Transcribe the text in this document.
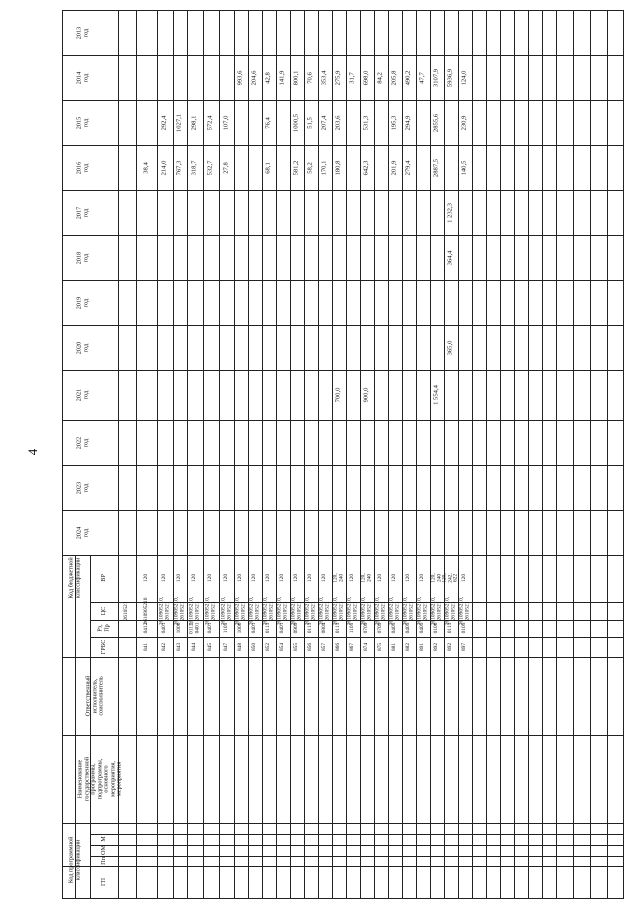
4
2013
год
2014
год
2015
год
2016
год
2017
год
2018
год
2019
год
2020
год
2021
год
2022
год
2023
год
2024
год
Код бюджетной
классификации	ВР
ЦС
Рз,
Пр
ГРБС
Ответственный
исполнитель,
соисполнитель
Наименование
государственной
программы,
подпрограммы,
основного
мероприятия,
мероприятия
Код программной
классификации
М
ОМ
Пп
ГП
2610521
841
0412
2610905210
120
38,4
842
0401
2610905210,
2610521
120
292,4
214,0
843
1006
2610905210,
2610521
120
1027,1
767,3
844
0113,
0401
2610905210,
2610521
120
298,1
318,7
845
0401
2610905210,
2610521
120
572,4
532,7
847
1105
2610905210,
2610521
120
107,0
27,8
848
1006
2610905210,
2610521
120
993,6
850
0401
2610905210,
2610521
120
204,6
852
0113
2610905210,
2610521
120
42,8
76,4
68,1
854
0401
2610905210,
2610521
120
141,9
855
0909
2610905210,
2610521
120
800,1
1000,5
581,2
856
0113
2610905210,
2610521
120
70,6
51,5
58,2
857
0804
2610905210,
2610521
120
353,4
207,4
170,1
866
0113
2610905210,
2610521
120,
240
275,9
203,6
180,8
700,0
867
1105
2610905210,
2610521
120
31,7
874
0709
2610905210,
2610521
120,
240
698,0
531,3
642,3
900,0
875
0709
2610905210,
2610521
120
84,2
881
0405
2610905210,
2610521
120
205,8
195,3
201,9
882
0405
2610905210,
2610521
120
490,2
294,9
279,4
891
0405
2610905210,
2610521
120
47,7
892
0106
2610905210,
2610521
120,
240
3107,9
2855,6
2887,5
1 554,4
892
0113
2610905210,
2610521
120,
242,
622
5936,9
1 232,3
364,4
365,0
897
0105
2610905210,
2610521
120
124,0
230,9
140,5
